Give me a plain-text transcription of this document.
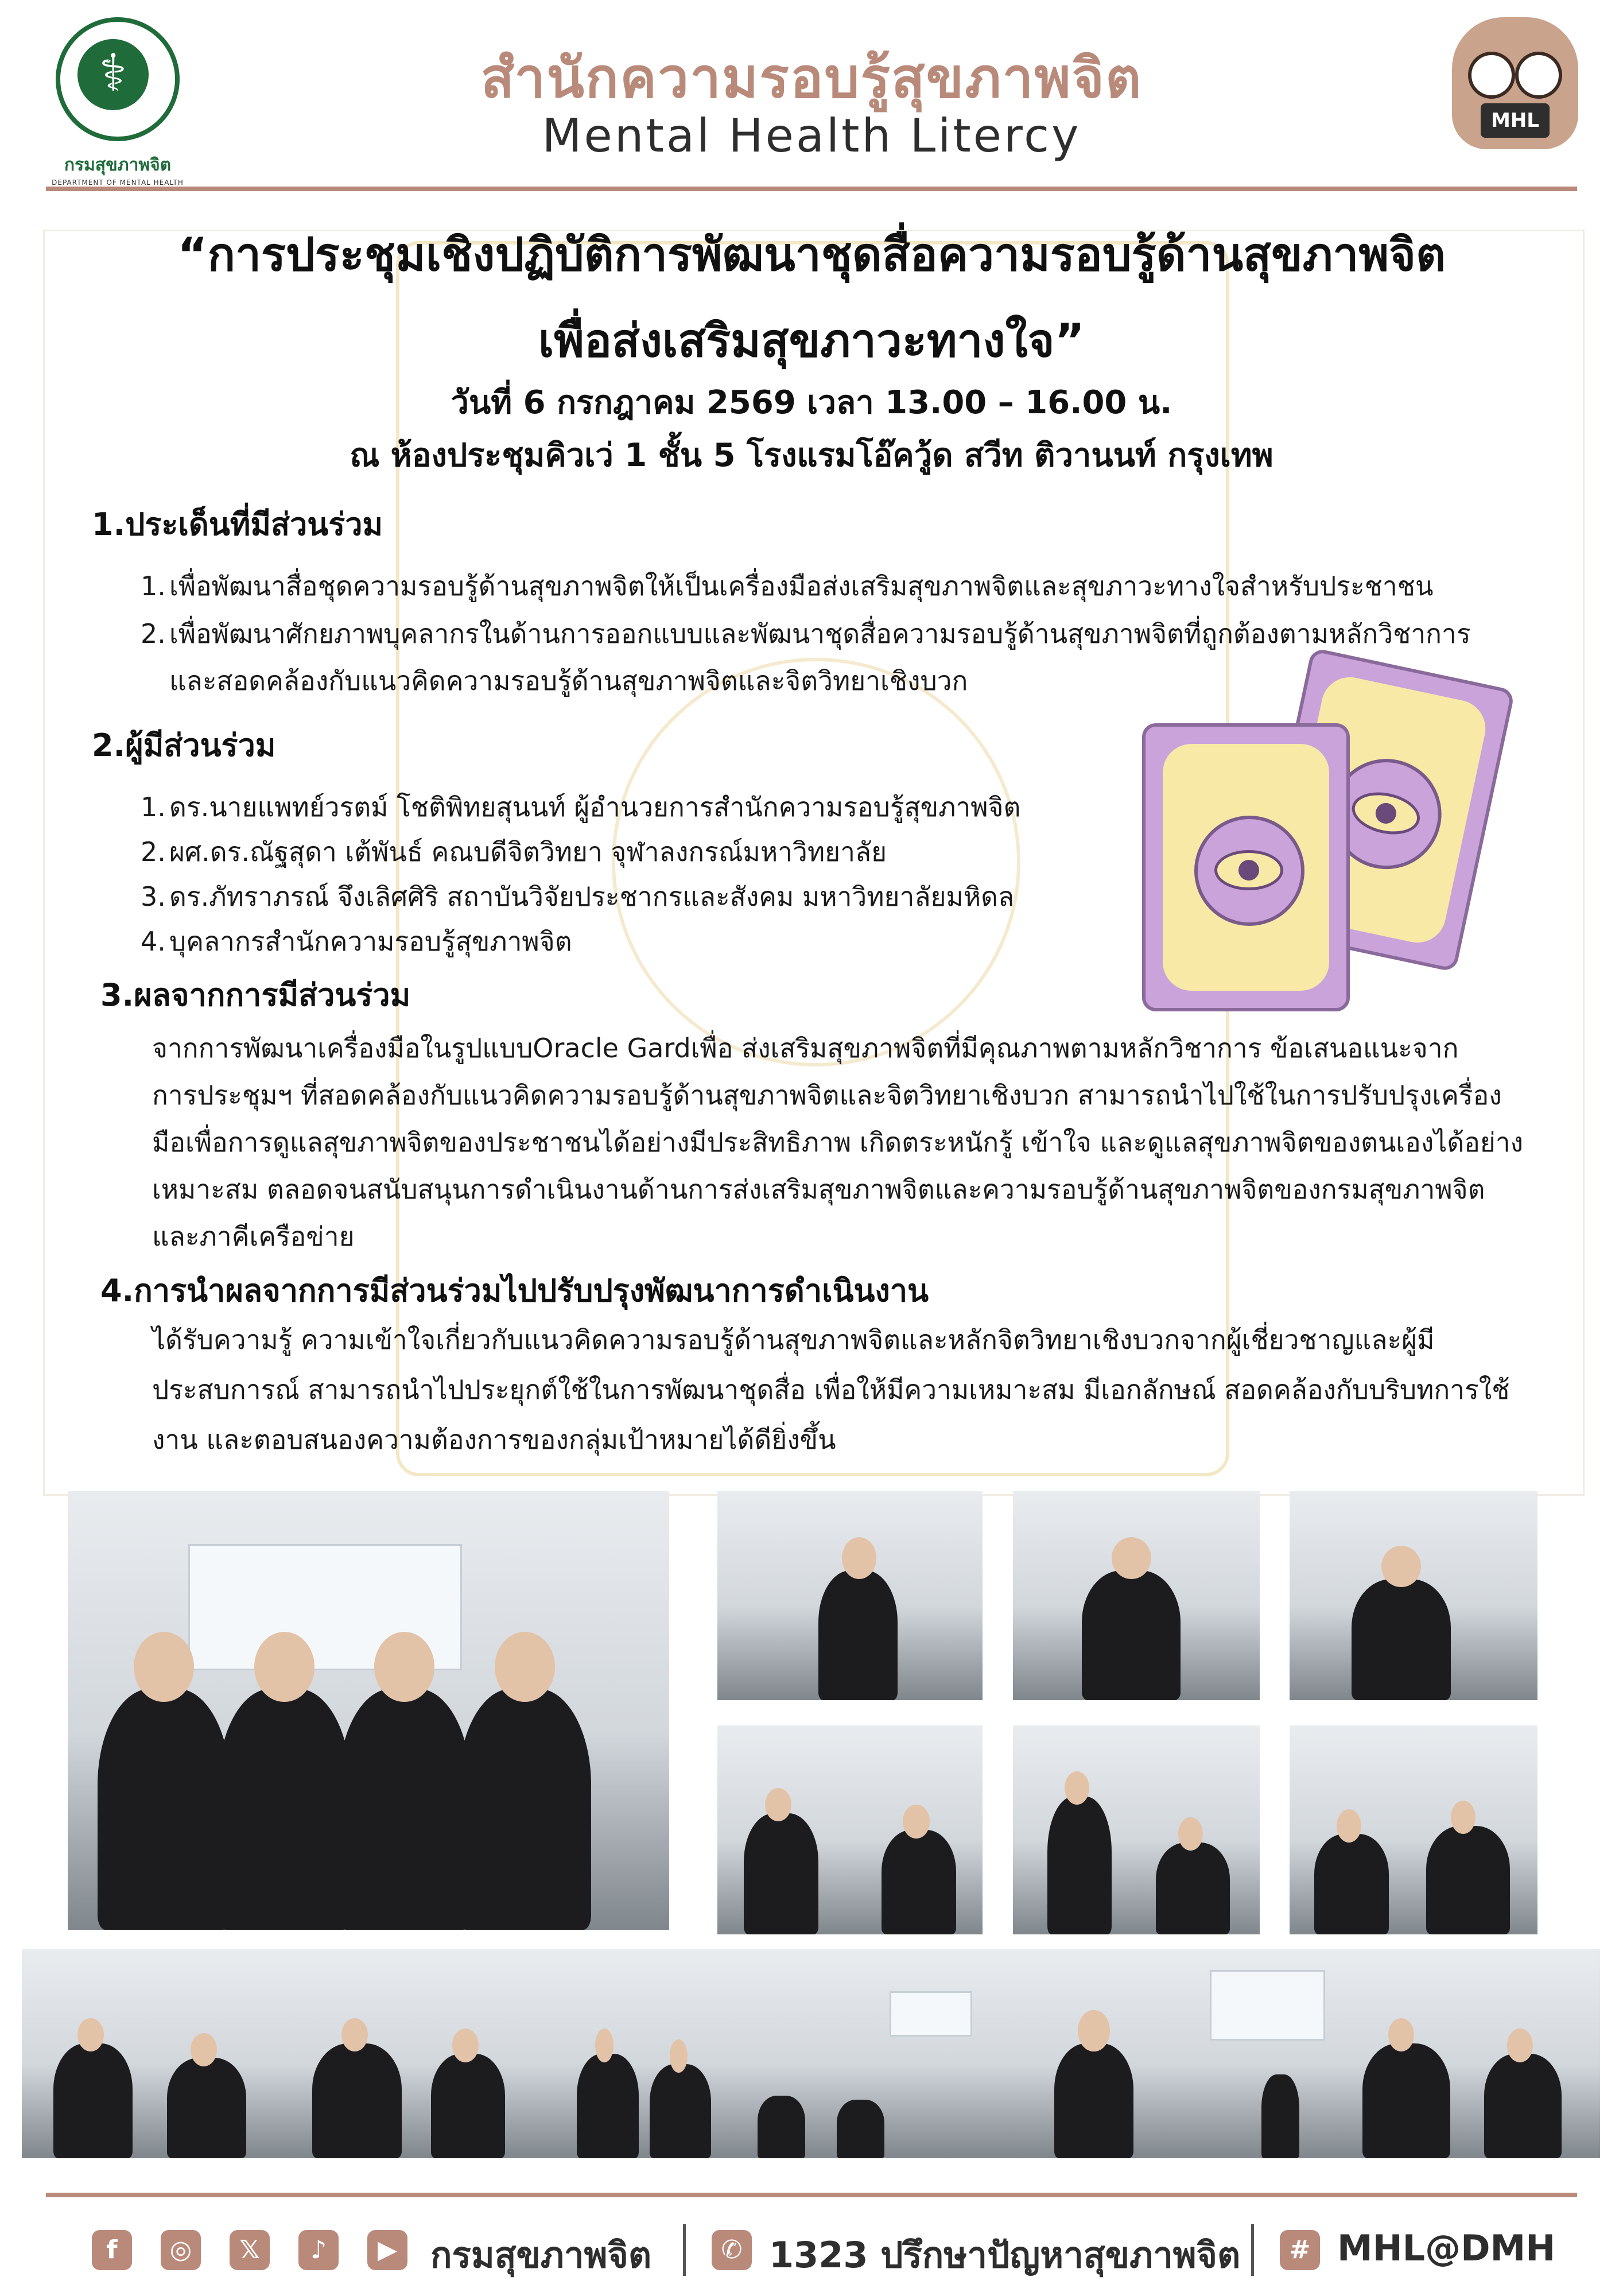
⚕
กรมสุขภาพจิต
DEPARTMENT OF MENTAL HEALTH
สำนักความรอบรู้สุขภาพจิต
Mental Health Litercy	MHL
“การประชุมเชิงปฏิบัติการพัฒนาชุดสื่อความรอบรู้ด้านสุขภาพจิต
เพื่อส่งเสริมสุขภาวะทางใจ”
วันที่ 6 กรกฎาคม 2569 เวลา 13.00 – 16.00 น.
ณ ห้องประชุมคิวเว่ 1 ชั้น 5 โรงแรมโอ๊ควู้ด สวีท ติวานนท์ กรุงเทพ
1.ประเด็นที่มีส่วนร่วม
1. เพื่อพัฒนาสื่อชุดความรอบรู้ด้านสุขภาพจิตให้เป็นเครื่องมือส่งเสริมสุขภาพจิตและสุขภาวะทางใจสำหรับประชาชน
2. เพื่อพัฒนาศักยภาพบุคลากรในด้านการออกแบบและพัฒนาชุดสื่อความรอบรู้ด้านสุขภาพจิตที่ถูกต้องตามหลักวิชาการ
และสอดคล้องกับแนวคิดความรอบรู้ด้านสุขภาพจิตและจิตวิทยาเชิงบวก
2.ผู้มีส่วนร่วม
1. ดร.นายแพทย์วรตม์ โชติพิทยสุนนท์ ผู้อำนวยการสำนักความรอบรู้สุขภาพจิต
2. ผศ.ดร.ณัฐสุดา เต้พันธ์ คณบดีจิตวิทยา จุฬาลงกรณ์มหาวิทยาลัย
3. ดร.ภัทราภรณ์ จึงเลิศศิริ สถาบันวิจัยประชากรและสังคม มหาวิทยาลัยมหิดล
4. บุคลากรสำนักความรอบรู้สุขภาพจิต
3.ผลจากการมีส่วนร่วม
จากการพัฒนาเครื่องมือในรูปแบบOracle Gardเพื่อ ส่งเสริมสุขภาพจิตที่มีคุณภาพตามหลักวิชาการ ข้อเสนอแนะจาก
การประชุมฯ ที่สอดคล้องกับแนวคิดความรอบรู้ด้านสุขภาพจิตและจิตวิทยาเชิงบวก สามารถนำไปใช้ในการปรับปรุงเครื่อง
มือเพื่อการดูแลสุขภาพจิตของประชาชนได้อย่างมีประสิทธิภาพ เกิดตระหนักรู้ เข้าใจ และดูแลสุขภาพจิตของตนเองได้อย่าง
เหมาะสม ตลอดจนสนับสนุนการดำเนินงานด้านการส่งเสริมสุขภาพจิตและความรอบรู้ด้านสุขภาพจิตของกรมสุขภาพจิต
และภาคีเครือข่าย
4.การนำผลจากการมีส่วนร่วมไปปรับปรุงพัฒนาการดำเนินงาน
ได้รับความรู้ ความเข้าใจเกี่ยวกับแนวคิดความรอบรู้ด้านสุขภาพจิตและหลักจิตวิทยาเชิงบวกจากผู้เชี่ยวชาญและผู้มี
ประสบการณ์ สามารถนำไปประยุกต์ใช้ในการพัฒนาชุดสื่อ เพื่อให้มีความเหมาะสม มีเอกลักษณ์ สอดคล้องกับบริบทการใช้
งาน และตอบสนองความต้องการของกลุ่มเป้าหมายได้ดียิ่งขึ้น
f	◎	𝕏	♪	▶ กรมสุขภาพจิต	✆ 1323 ปรึกษาปัญหาสุขภาพจิต	# MHL@DMH
